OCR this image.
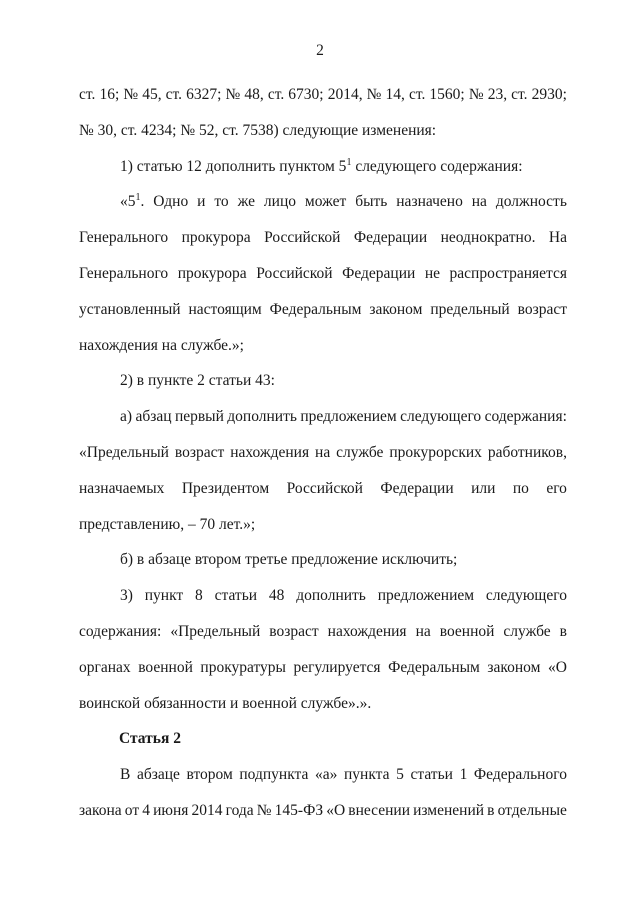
2
ст. 16; № 45, ст. 6327; № 48, ст. 6730; 2014, № 14, ст. 1560; № 23, ст. 2930;
№ 30, ст. 4234; № 52, ст. 7538) следующие изменения:
1) статью 12 дополнить пунктом $5^1$ следующего содержания:
«$5^1$. Одно и то же лицо может быть назначено на должность
Генерального прокурора Российской Федерации неоднократно. На
Генерального прокурора Российской Федерации не распространяется
установленный настоящим Федеральным законом предельный возраст
нахождения на службе.»;
2) в пункте 2 статьи 43:
а) абзац первый дополнить предложением следующего содержания:
«Предельный возраст нахождения на службе прокурорских работников,
назначаемых Президентом Российской Федерации или по его
представлению, – 70 лет.»;
б) в абзаце втором третье предложение исключить;
3) пункт 8 статьи 48 дополнить предложением следующего
содержания: «Предельный возраст нахождения на военной службе в
органах военной прокуратуры регулируется Федеральным законом «О
воинской обязанности и военной службе».».
Статья 2
В абзаце втором подпункта «а» пункта 5 статьи 1 Федерального
закона от 4 июня 2014 года № 145-ФЗ «О внесении изменений в отдельные
